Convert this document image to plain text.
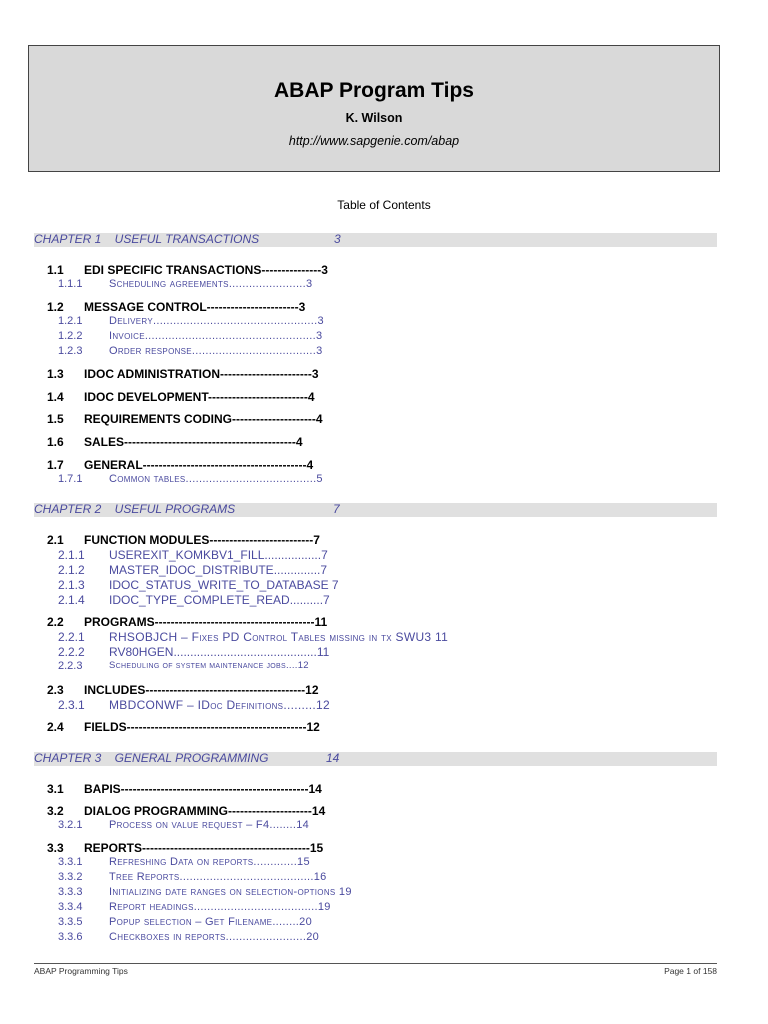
ABAP Program Tips
K. Wilson
http://www.sapgenie.com/abap
Table of Contents
CHAPTER 1    USEFUL TRANSACTIONS	3
1.1 EDI SPECIFIC TRANSACTIONS---------------3
1.1.1 Scheduling agreements.......................3
1.2 MESSAGE CONTROL-----------------------3
1.2.1 Delivery.................................................3
1.2.2 Invoice...................................................3
1.2.3 Order response.....................................3
1.3 IDOC ADMINISTRATION-----------------------3
1.4 IDOC DEVELOPMENT-------------------------4
1.5 REQUIREMENTS CODING---------------------4
1.6 SALES-------------------------------------------4
1.7 GENERAL-----------------------------------------4
1.7.1 Common tables.......................................5
CHAPTER 2    USEFUL PROGRAMS	7
2.1 FUNCTION MODULES--------------------------7
2.1.1 USEREXIT_KOMKBV1_FILL.................7
2.1.2 MASTER_IDOC_DISTRIBUTE..............7
2.1.3 IDOC_STATUS_WRITE_TO_DATABASE 7
2.1.4 IDOC_TYPE_COMPLETE_READ..........7
2.2 PROGRAMS----------------------------------------11
2.2.1 RHSOBJCH – Fixes PD Control Tables missing in tx SWU3 11
2.2.2 RV80HGEN...........................................11
2.2.3	Scheduling of system maintenance jobs....12
2.3 INCLUDES----------------------------------------12
2.3.1 MBDCONWF – IDoc Definitions.........12
2.4 FIELDS---------------------------------------------12
CHAPTER 3    GENERAL PROGRAMMING	14
3.1 BAPIS-----------------------------------------------14
3.2 DIALOG PROGRAMMING---------------------14
3.2.1 Process on value request – F4........14
3.3 REPORTS------------------------------------------15
3.3.1 Refreshing Data on reports.............15
3.3.2 Tree Reports........................................16
3.3.3 Initializing date ranges on selection-options 19
3.3.4 Report headings.....................................19
3.3.5 Popup selection – Get Filename........20
3.3.6 Checkboxes in reports........................20
ABAP Programming Tips	Page 1 of 158
